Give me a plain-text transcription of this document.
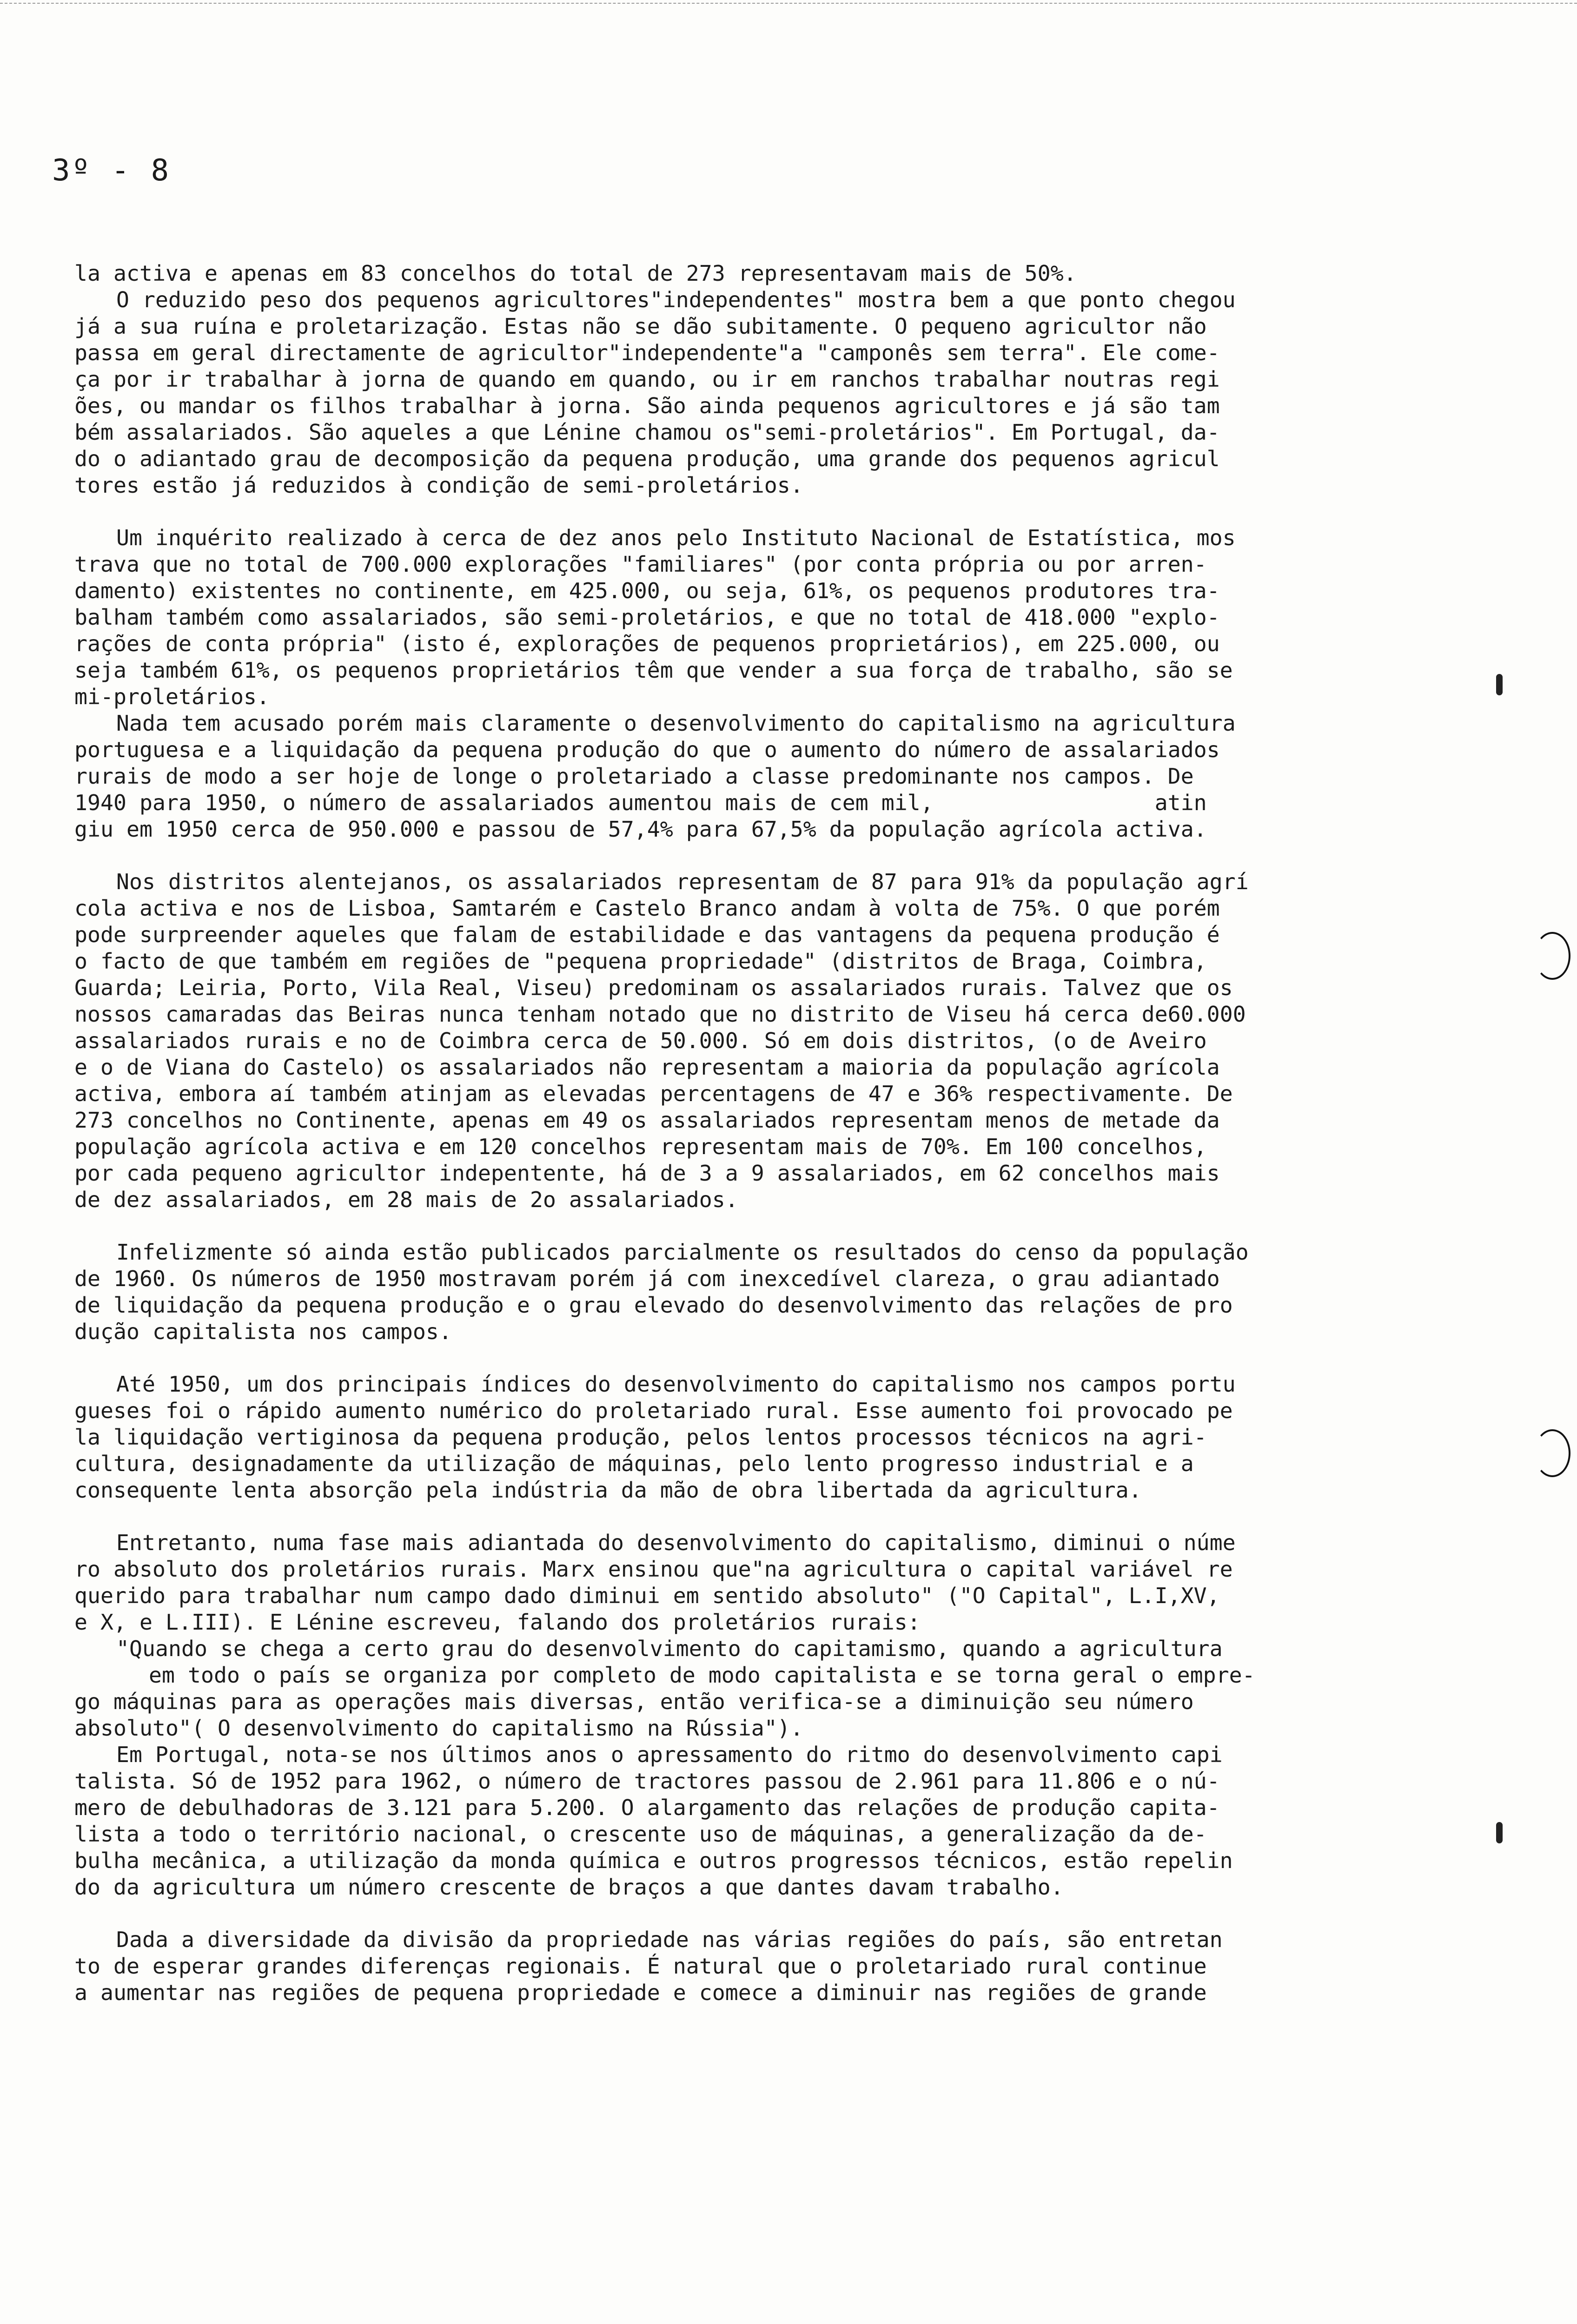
3º - 8
la activa e apenas em 83 concelhos do total de 273 representavam mais de 50%.
O reduzido peso dos pequenos agricultores"independentes" mostra bem a que ponto chegou
já a sua ruína e proletarização. Estas não se dão subitamente. O pequeno agricultor não
passa em geral directamente de agricultor"independente"a "camponês sem terra". Ele come-
ça por ir trabalhar à jorna de quando em quando, ou ir em ranchos trabalhar noutras regi
ões, ou mandar os filhos trabalhar à jorna. São ainda pequenos agricultores e já são tam
bém assalariados. São aqueles a que Lénine chamou os"semi-proletários". Em Portugal, da-
do o adiantado grau de decomposição da pequena produção, uma grande dos pequenos agricul
tores estão já reduzidos à condição de semi-proletários.
Um inquérito realizado à cerca de dez anos pelo Instituto Nacional de Estatística, mos
trava que no total de 700.000 explorações "familiares" (por conta própria ou por arren-
damento) existentes no continente, em 425.000, ou seja, 61%, os pequenos produtores tra-
balham também como assalariados, são semi-proletários, e que no total de 418.000 "explo-
rações de conta própria" (isto é, explorações de pequenos proprietários), em 225.000, ou
seja também 61%, os pequenos proprietários têm que vender a sua força de trabalho, são se
mi-proletários.
Nada tem acusado porém mais claramente o desenvolvimento do capitalismo na agricultura
portuguesa e a liquidação da pequena produção do que o aumento do número de assalariados
rurais de modo a ser hoje de longe o proletariado a classe predominante nos campos. De
1940 para 1950, o número de assalariados aumentou mais de cem mil,                 atin
giu em 1950 cerca de 950.000 e passou de 57,4% para 67,5% da população agrícola activa.
Nos distritos alentejanos, os assalariados representam de 87 para 91% da população agrí
cola activa e nos de Lisboa, Samtarém e Castelo Branco andam à volta de 75%. O que porém
pode surpreender aqueles que falam de estabilidade e das vantagens da pequena produção é
o facto de que também em regiões de "pequena propriedade" (distritos de Braga, Coimbra,
Guarda; Leiria, Porto, Vila Real, Viseu) predominam os assalariados rurais. Talvez que os
nossos camaradas das Beiras nunca tenham notado que no distrito de Viseu há cerca de60.000
assalariados rurais e no de Coimbra cerca de 50.000. Só em dois distritos, (o de Aveiro
e o de Viana do Castelo) os assalariados não representam a maioria da população agrícola
activa, embora aí também atinjam as elevadas percentagens de 47 e 36% respectivamente. De
273 concelhos no Continente, apenas em 49 os assalariados representam menos de metade da
população agrícola activa e em 120 concelhos representam mais de 70%. Em 100 concelhos,
por cada pequeno agricultor indepentente, há de 3 a 9 assalariados, em 62 concelhos mais
de dez assalariados, em 28 mais de 2o assalariados.
Infelizmente só ainda estão publicados parcialmente os resultados do censo da população
de 1960. Os números de 1950 mostravam porém já com inexcedível clareza, o grau adiantado
de liquidação da pequena produção e o grau elevado do desenvolvimento das relações de pro
dução capitalista nos campos.
Até 1950, um dos principais índices do desenvolvimento do capitalismo nos campos portu
gueses foi o rápido aumento numérico do proletariado rural. Esse aumento foi provocado pe
la liquidação vertiginosa da pequena produção, pelos lentos processos técnicos na agri-
cultura, designadamente da utilização de máquinas, pelo lento progresso industrial e a
consequente lenta absorção pela indústria da mão de obra libertada da agricultura.
Entretanto, numa fase mais adiantada do desenvolvimento do capitalismo, diminui o núme
ro absoluto dos proletários rurais. Marx ensinou que"na agricultura o capital variável re
querido para trabalhar num campo dado diminui em sentido absoluto" ("O Capital", L.I,XV,
e X, e L.III). E Lénine escreveu, falando dos proletários rurais:
"Quando se chega a certo grau do desenvolvimento do capitamismo, quando a agricultura
em todo o país se organiza por completo de modo capitalista e se torna geral o empre-
go máquinas para as operações mais diversas, então verifica-se a diminuição seu número
absoluto"( O desenvolvimento do capitalismo na Rússia").
Em Portugal, nota-se nos últimos anos o apressamento do ritmo do desenvolvimento capi
talista. Só de 1952 para 1962, o número de tractores passou de 2.961 para 11.806 e o nú-
mero de debulhadoras de 3.121 para 5.200. O alargamento das relações de produção capita-
lista a todo o território nacional, o crescente uso de máquinas, a generalização da de-
bulha mecânica, a utilização da monda química e outros progressos técnicos, estão repelin
do da agricultura um número crescente de braços a que dantes davam trabalho.
Dada a diversidade da divisão da propriedade nas várias regiões do país, são entretan
to de esperar grandes diferenças regionais. É natural que o proletariado rural continue
a aumentar nas regiões de pequena propriedade e comece a diminuir nas regiões de grande
